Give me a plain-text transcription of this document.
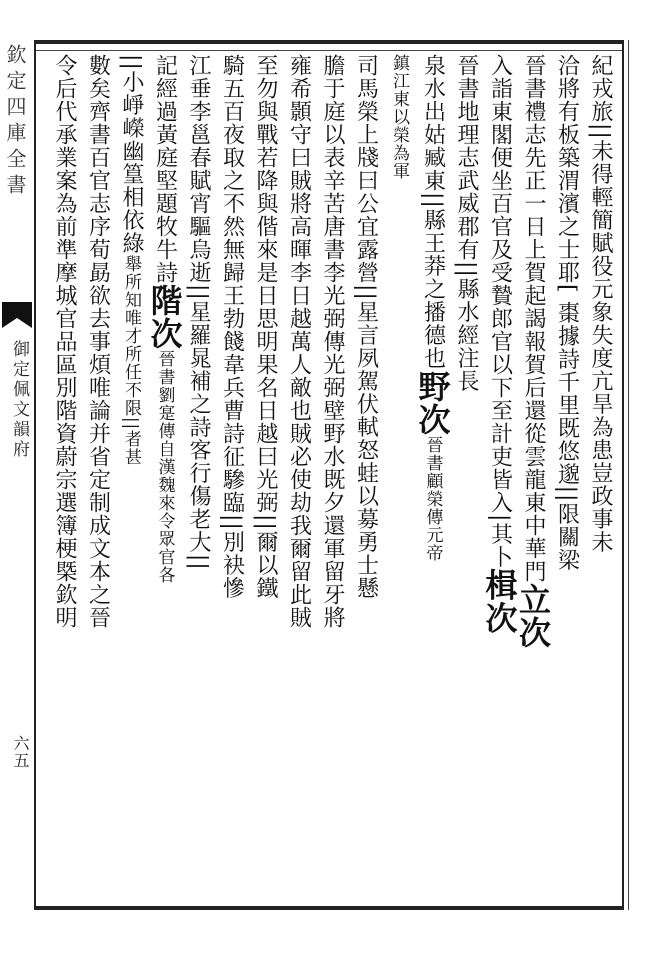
欽定四庫全書
御定佩文韻府
六五
紀戎旅||未得輕簡賦役元象失度亢旱為患豈政事未
洽將有板築渭濱之士耶[ 棗據詩千里既悠邈||限關梁
晉書禮志先正一日上賀起謁報賀后還從雲龍東中華門立次
入詣東閣便坐百官及受贄郎官以下至計吏皆入|其卜楫次
晉書地理志武威郡有||縣水經注長
泉水出姑臧東||縣王莽之播德也野次晉書顧榮傳元帝
鎮江東以榮為軍
司馬榮上牋曰公宜露營||星言夙駕伏軾怒蛙以募勇士懸
膽于庭以表辛苦唐書李光弼傳光弼壁野水既夕還軍留牙將
雍希顥守曰賊將高暉李日越萬人敵也賊必使劫我爾留此賊
至勿與戰若降與偕來是日思明果名日越曰光弼||爾以鐵
騎五百夜取之不然無歸王勃餞韋兵曹詩征驂臨||別袂慘
江垂李邕春賦宵驅烏逝||星羅晁補之詩客行傷老大||
記經過黃庭堅題牧牛詩階次晉書劉寔傳自漢魏來令眾官各
||小崢嶸幽篁相依綠舉所知唯才所任不限||者甚
數矣齊書百官志序荀勗欲去事煩唯論并省定制成文本之晉
令后代承業案為前準摩城官品區別階資蔚宗選簿梗槩欽明
